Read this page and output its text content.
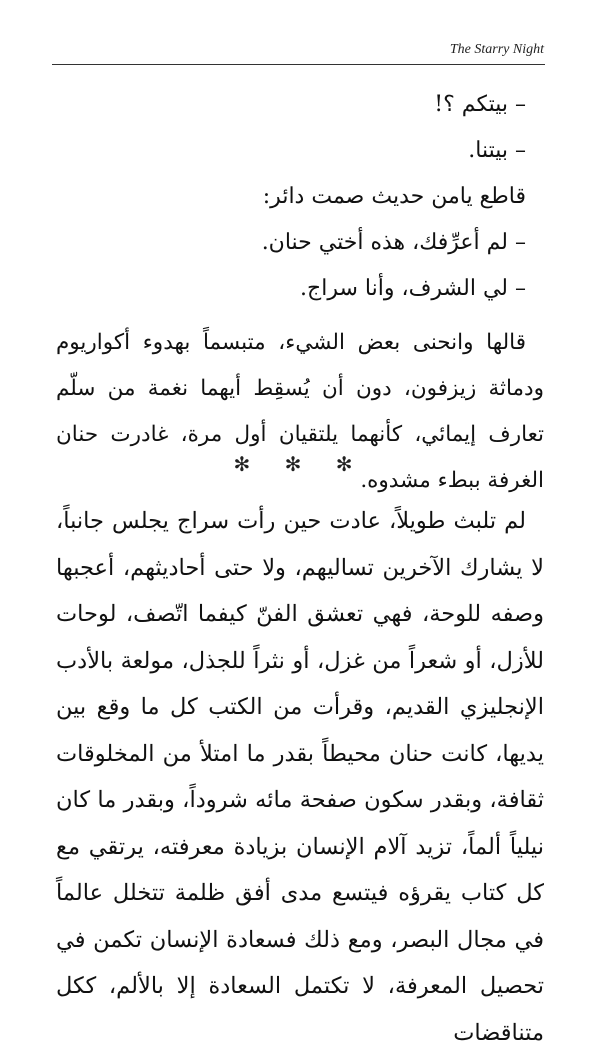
The Starry Night
– بيتكم ؟!
– بيتنا.
قاطع يامن حديث صمت دائر:
– لم أعرِّفك، هذه أختي حنان.
– لي الشرف، وأنا سراج.
قالها وانحنى بعض الشيء، متبسماً بهدوء أكواريوم ودماثة زيزفون، دون أن يُسقِط أيهما نغمة من سلّم تعارف إيمائي، كأنهما يلتقيان أول مرة، غادرت حنان الغرفة ببطء مشدوه.
✻ ✻ ✻
لم تلبث طويلاً، عادت حين رأت سراج يجلس جانباً، لا يشارك الآخرين تساليهم، ولا حتى أحاديثهم، أعجبها وصفه للوحة، فهي تعشق الفنّ كيفما اتّصف، لوحات للأزل، أو شعراً من غزل، أو نثراً للجذل، مولعة بالأدب الإنجليزي القديم، وقرأت من الكتب كل ما وقع بين يديها، كانت حنان محيطاً بقدر ما امتلأ من المخلوقات ثقافة، وبقدر سكون صفحة مائه شروداً، وبقدر ما كان نيلياً ألماً، تزيد آلام الإنسان بزيادة معرفته، يرتقي مع كل كتاب يقرؤه فيتسع مدى أفق ظلمة تتخلل عالماً في مجال البصر، ومع ذلك فسعادة الإنسان تكمن في تحصيل المعرفة، لا تكتمل السعادة إلا بالألم، ككل متناقضات
